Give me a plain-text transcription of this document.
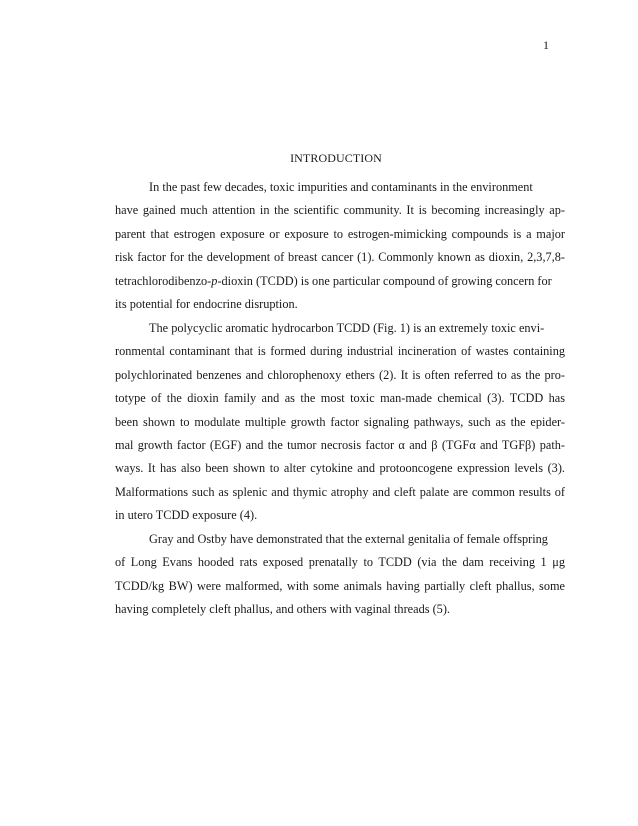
1
INTRODUCTION
In the past few decades, toxic impurities and contaminants in the environment
have gained much attention in the scientific community. It is becoming increasingly ap-
parent that estrogen exposure or exposure to estrogen-mimicking compounds is a major
risk factor for the development of breast cancer (1). Commonly known as dioxin, 2,3,7,8-
tetrachlorodibenzo-p-dioxin (TCDD) is one particular compound of growing concern for
its potential for endocrine disruption.
The polycyclic aromatic hydrocarbon TCDD (Fig. 1) is an extremely toxic envi-
ronmental contaminant that is formed during industrial incineration of wastes containing
polychlorinated benzenes and chlorophenoxy ethers (2). It is often referred to as the pro-
totype of the dioxin family and as the most toxic man-made chemical (3). TCDD has
been shown to modulate multiple growth factor signaling pathways, such as the epider-
mal growth factor (EGF) and the tumor necrosis factor α and β (TGFα and TGFβ) path-
ways. It has also been shown to alter cytokine and protooncogene expression levels (3).
Malformations such as splenic and thymic atrophy and cleft palate are common results of
in utero TCDD exposure (4).
Gray and Ostby have demonstrated that the external genitalia of female offspring
of Long Evans hooded rats exposed prenatally to TCDD (via the dam receiving 1 μg
TCDD/kg BW) were malformed, with some animals having partially cleft phallus, some
having completely cleft phallus, and others with vaginal threads (5).
